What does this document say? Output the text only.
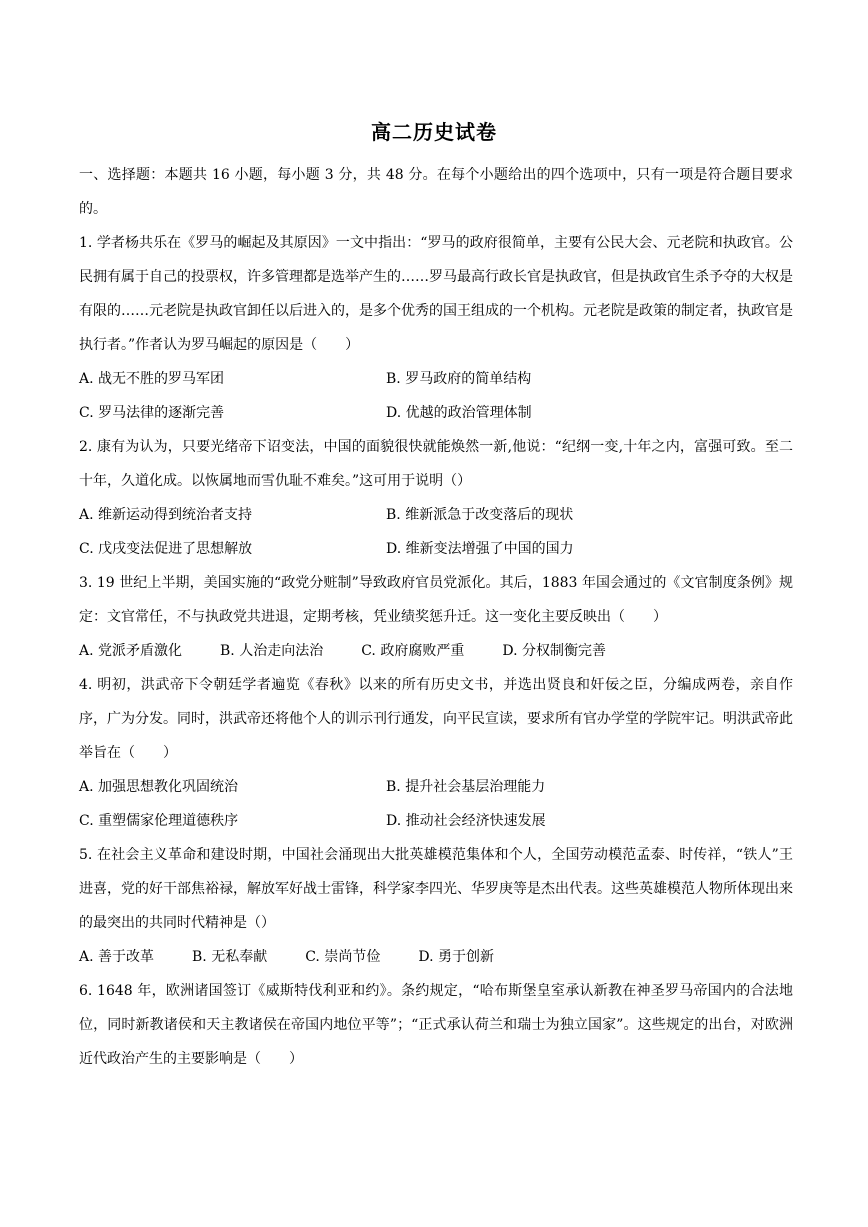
高二历史试卷
一、选择题：本题共 16 小题，每小题 3 分，共 48 分。在每个小题给出的四个选项中，只有一项是符合题目要求的。
1. 学者杨共乐在《罗马的崛起及其原因》一文中指出：“罗马的政府很简单，主要有公民大会、元老院和执政官。公民拥有属于自己的投票权，许多管理都是选举产生的……罗马最高行政长官是执政官，但是执政官生杀予夺的大权是有限的……元老院是执政官卸任以后进入的，是多个优秀的国王组成的一个机构。元老院是政策的制定者，执政官是执行者。”作者认为罗马崛起的原因是（　　）
A. 战无不胜的罗马军团	B. 罗马政府的简单结构
C. 罗马法律的逐渐完善	D. 优越的政治管理体制
2. 康有为认为，只要光绪帝下诏变法，中国的面貌很快就能焕然一新,他说：“纪纲一变,十年之内，富强可致。至二十年，久道化成。以恢属地而雪仇耻不难矣。”这可用于说明（）
A. 维新运动得到统治者支持	B. 维新派急于改变落后的现状
C. 戊戌变法促进了思想解放	D. 维新变法增强了中国的国力
3. 19 世纪上半期，美国实施的“政党分赃制”导致政府官员党派化。其后，1883 年国会通过的《文官制度条例》规定：文官常任，不与执政党共进退，定期考核，凭业绩奖惩升迁。这一变化主要反映出（　　）
A. 党派矛盾激化	B. 人治走向法治	C. 政府腐败严重	D. 分权制衡完善
4. 明初，洪武帝下令朝廷学者遍览《春秋》以来的所有历史文书，并选出贤良和奸佞之臣，分编成两卷，亲自作序，广为分发。同时，洪武帝还将他个人的训示刊行通发，向平民宣读，要求所有官办学堂的学院牢记。明洪武帝此举旨在（　　）
A. 加强思想教化巩固统治	B. 提升社会基层治理能力
C. 重塑儒家伦理道德秩序	D. 推动社会经济快速发展
5. 在社会主义革命和建设时期，中国社会涌现出大批英雄模范集体和个人，全国劳动模范孟泰、时传祥，“铁人”王进喜，党的好干部焦裕禄，解放军好战士雷锋，科学家李四光、华罗庚等是杰出代表。这些英雄模范人物所体现出来的最突出的共同时代精神是（）
A. 善于改革	B. 无私奉献	C. 崇尚节俭	D. 勇于创新
6. 1648 年，欧洲诸国签订《威斯特伐利亚和约》。条约规定，“哈布斯堡皇室承认新教在神圣罗马帝国内的合法地位，同时新教诸侯和天主教诸侯在帝国内地位平等”；“正式承认荷兰和瑞士为独立国家”。这些规定的出台，对欧洲近代政治产生的主要影响是（　　）
